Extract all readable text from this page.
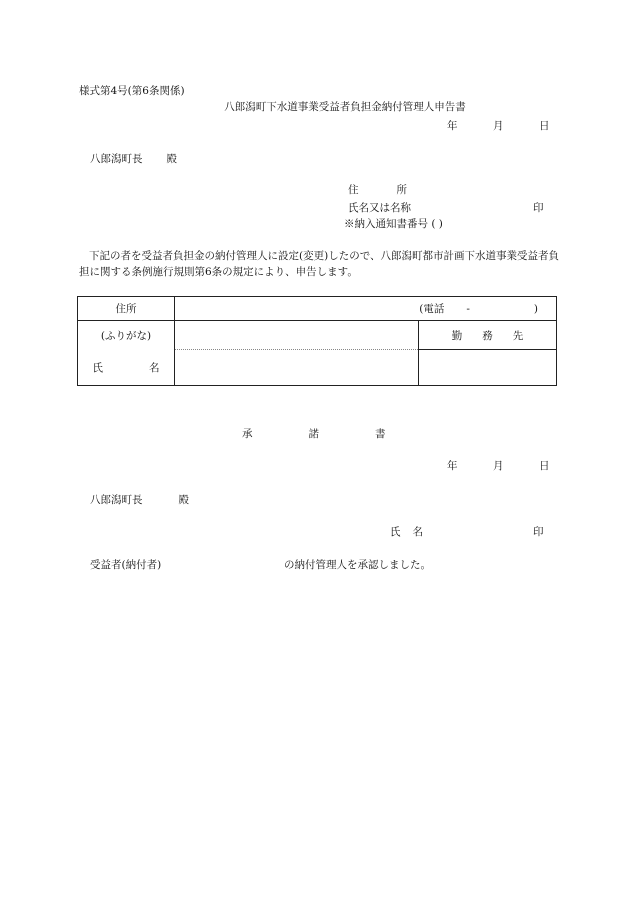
様式第4号(第6条関係)
八郎潟町下水道事業受益者負担金納付管理人申告書
年	月	日
八郎潟町長 殿
住	所
氏名又は名称	印
※納入通知書番号 ( )
下記の者を受益者負担金の納付管理人に設定(変更)したので、八郎潟町都市計画下水道事業受益者負担に関する条例施行規則第6条の規定により、申告します。
住所	(電話 - )	
(ふりがな)		勤 務 先
氏 名		
承	諾	書
年	月	日
八郎潟町長	殿
氏 名	印
受益者(納付者)	の納付管理人を承認しました。
